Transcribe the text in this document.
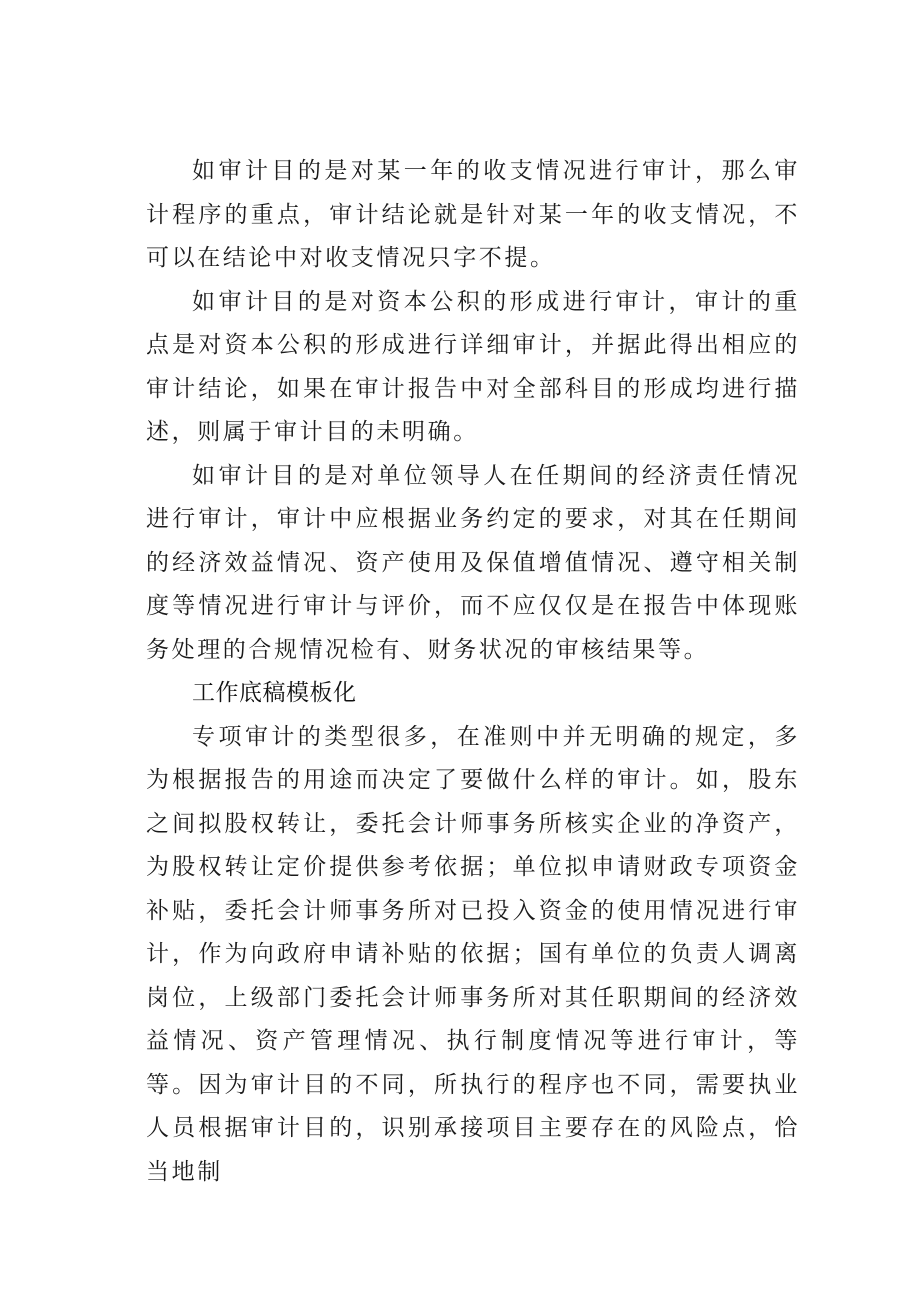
如审计目的是对某一年的收支情况进行审计，那么审计程序的重点，审计结论就是针对某一年的收支情况，不可以在结论中对收支情况只字不提。

如审计目的是对资本公积的形成进行审计，审计的重点是对资本公积的形成进行详细审计，并据此得出相应的审计结论，如果在审计报告中对全部科目的形成均进行描述，则属于审计目的未明确。

如审计目的是对单位领导人在任期间的经济责任情况进行审计，审计中应根据业务约定的要求，对其在任期间的经济效益情况、资产使用及保值增值情况、遵守相关制度等情况进行审计与评价，而不应仅仅是在报告中体现账务处理的合规情况检有、财务状况的审核结果等。

工作底稿模板化

专项审计的类型很多，在准则中并无明确的规定，多为根据报告的用途而决定了要做什么样的审计。如，股东之间拟股权转让，委托会计师事务所核实企业的净资产，为股权转让定价提供参考依据；单位拟申请财政专项资金补贴，委托会计师事务所对已投入资金的使用情况进行审计，作为向政府申请补贴的依据；国有单位的负责人调离岗位，上级部门委托会计师事务所对其任职期间的经济效益情况、资产管理情况、执行制度情况等进行审计，等等。因为审计目的不同，所执行的程序也不同，需要执业人员根据审计目的，识别承接项目主要存在的风险点，恰当地制
